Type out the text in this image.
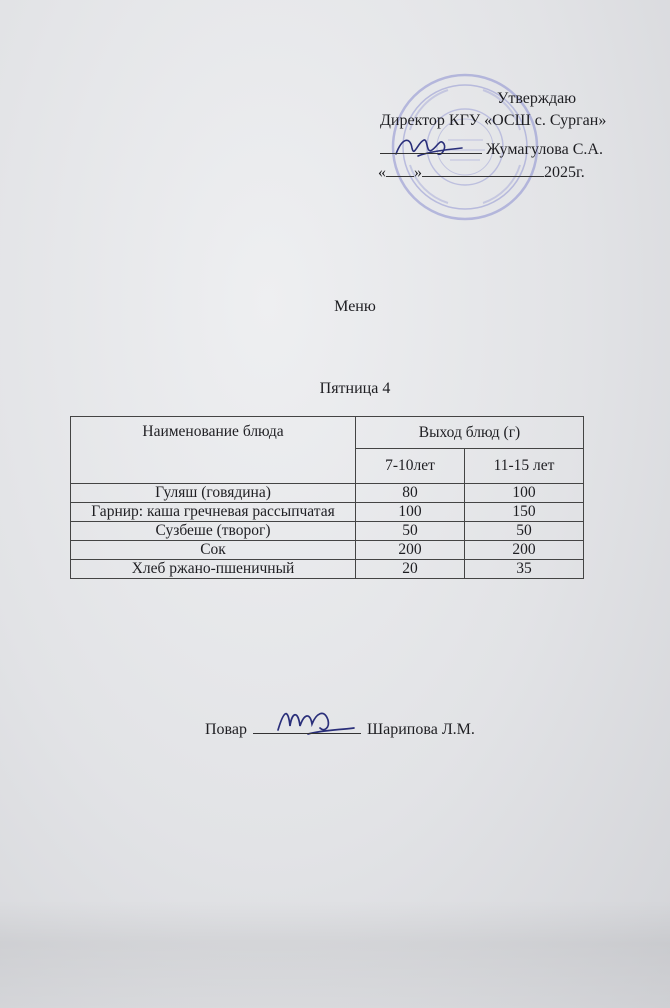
Утверждаю
Директор КГУ «ОСШ с. Сурган»
Жумагулова С.А.
« »	2025г.
Меню
Пятница 4
Наименование блюда	Выход блюд (г)	
	7-10лет	11-15 лет
Гуляш (говядина)	80	100
Гарнир: каша гречневая рассыпчатая	100	150
Сузбеше (творог)	50	50
Сок	200	200
Хлеб ржано-пшеничный	20	35
Повар	Шарипова Л.М.
